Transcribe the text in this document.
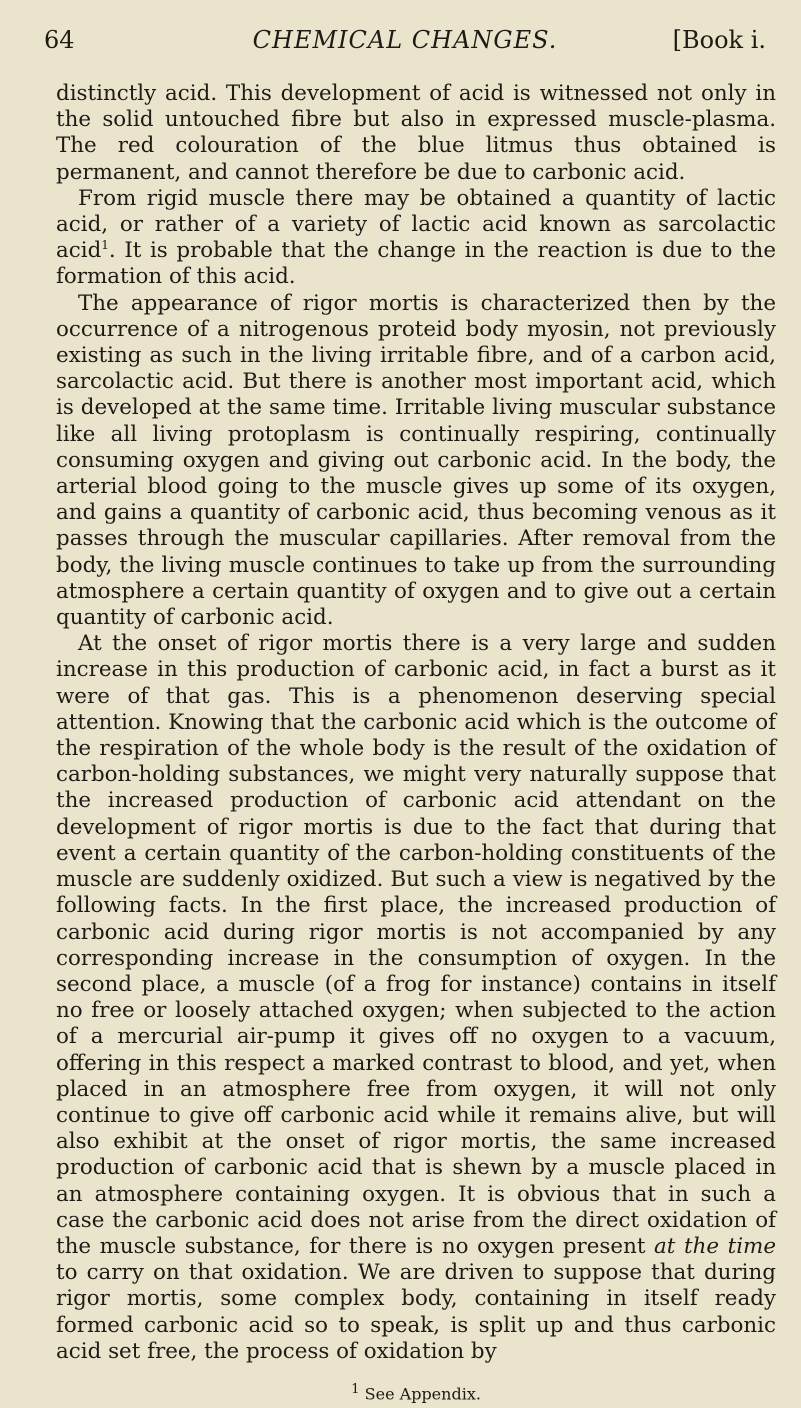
64	CHEMICAL CHANGES.	[Book i.

distinctly acid. This development of acid is witnessed not only in the solid untouched fibre but also in expressed muscle-plasma. The red colouration of the blue litmus thus obtained is permanent, and cannot therefore be due to carbonic acid.

From rigid muscle there may be obtained a quantity of lactic acid, or rather of a variety of lactic acid known as sarcolactic acid$^1$. It is probable that the change in the reaction is due to the formation of this acid.

The appearance of rigor mortis is characterized then by the occurrence of a nitrogenous proteid body myosin, not previously existing as such in the living irritable fibre, and of a carbon acid, sarcolactic acid. But there is another most important acid, which is developed at the same time. Irritable living muscular substance like all living protoplasm is continually respiring, continually consuming oxygen and giving out carbonic acid. In the body, the arterial blood going to the muscle gives up some of its oxygen, and gains a quantity of carbonic acid, thus becoming venous as it passes through the muscular capillaries. After removal from the body, the living muscle continues to take up from the surrounding atmosphere a certain quantity of oxygen and to give out a certain quantity of carbonic acid.

At the onset of rigor mortis there is a very large and sudden increase in this production of carbonic acid, in fact a burst as it were of that gas. This is a phenomenon deserving special attention. Knowing that the carbonic acid which is the outcome of the respiration of the whole body is the result of the oxidation of carbon-holding substances, we might very naturally suppose that the increased production of carbonic acid attendant on the development of rigor mortis is due to the fact that during that event a certain quantity of the carbon-holding constituents of the muscle are suddenly oxidized. But such a view is negatived by the following facts. In the first place, the increased production of carbonic acid during rigor mortis is not accompanied by any corresponding increase in the consumption of oxygen. In the second place, a muscle (of a frog for instance) contains in itself no free or loosely attached oxygen; when subjected to the action of a mercurial air-pump it gives off no oxygen to a vacuum, offering in this respect a marked contrast to blood, and yet, when placed in an atmosphere free from oxygen, it will not only continue to give off carbonic acid while it remains alive, but will also exhibit at the onset of rigor mortis, the same increased production of carbonic acid that is shewn by a muscle placed in an atmosphere containing oxygen. It is obvious that in such a case the carbonic acid does not arise from the direct oxidation of the muscle substance, for there is no oxygen present at the time to carry on that oxidation. We are driven to suppose that during rigor mortis, some complex body, containing in itself ready formed carbonic acid so to speak, is split up and thus carbonic acid set free, the process of oxidation by

$^1$ See Appendix.
